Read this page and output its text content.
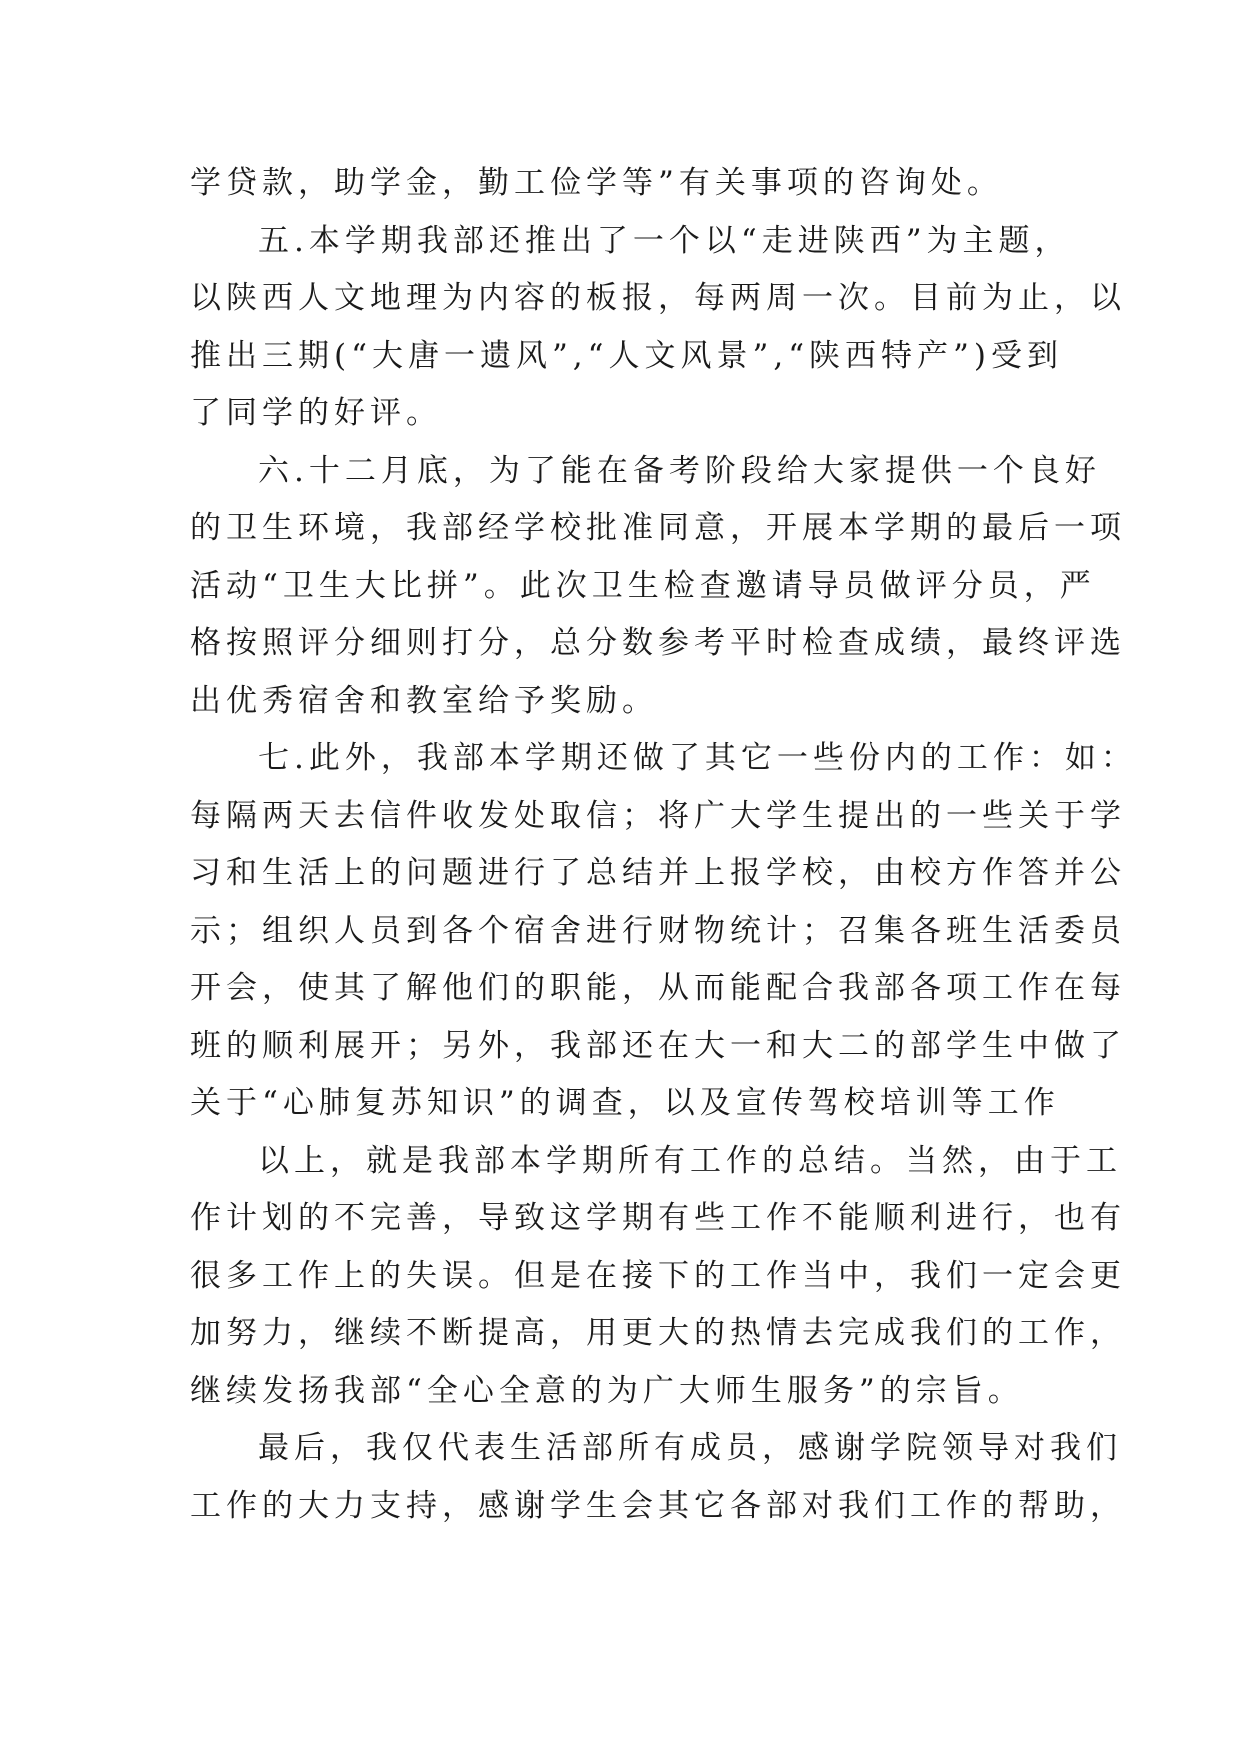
学贷款，助学金，勤工俭学等”有关事项的咨询处。
五.本学期我部还推出了一个以“走进陕西”为主题，
以陕西人文地理为内容的板报，每两周一次。目前为止，以
推出三期(“大唐一遗风”,“人文风景”,“陕西特产”)受到
了同学的好评。
六.十二月底，为了能在备考阶段给大家提供一个良好
的卫生环境，我部经学校批准同意，开展本学期的最后一项
活动“卫生大比拼”。此次卫生检查邀请导员做评分员，严
格按照评分细则打分，总分数参考平时检查成绩，最终评选
出优秀宿舍和教室给予奖励。
七.此外，我部本学期还做了其它一些份内的工作：如：
每隔两天去信件收发处取信；将广大学生提出的一些关于学
习和生活上的问题进行了总结并上报学校，由校方作答并公
示；组织人员到各个宿舍进行财物统计；召集各班生活委员
开会，使其了解他们的职能，从而能配合我部各项工作在每
班的顺利展开；另外，我部还在大一和大二的部学生中做了
关于“心肺复苏知识”的调查，以及宣传驾校培训等工作
以上，就是我部本学期所有工作的总结。当然，由于工
作计划的不完善，导致这学期有些工作不能顺利进行，也有
很多工作上的失误。但是在接下的工作当中，我们一定会更
加努力，继续不断提高，用更大的热情去完成我们的工作，
继续发扬我部“全心全意的为广大师生服务”的宗旨。
最后，我仅代表生活部所有成员，感谢学院领导对我们
工作的大力支持，感谢学生会其它各部对我们工作的帮助，
